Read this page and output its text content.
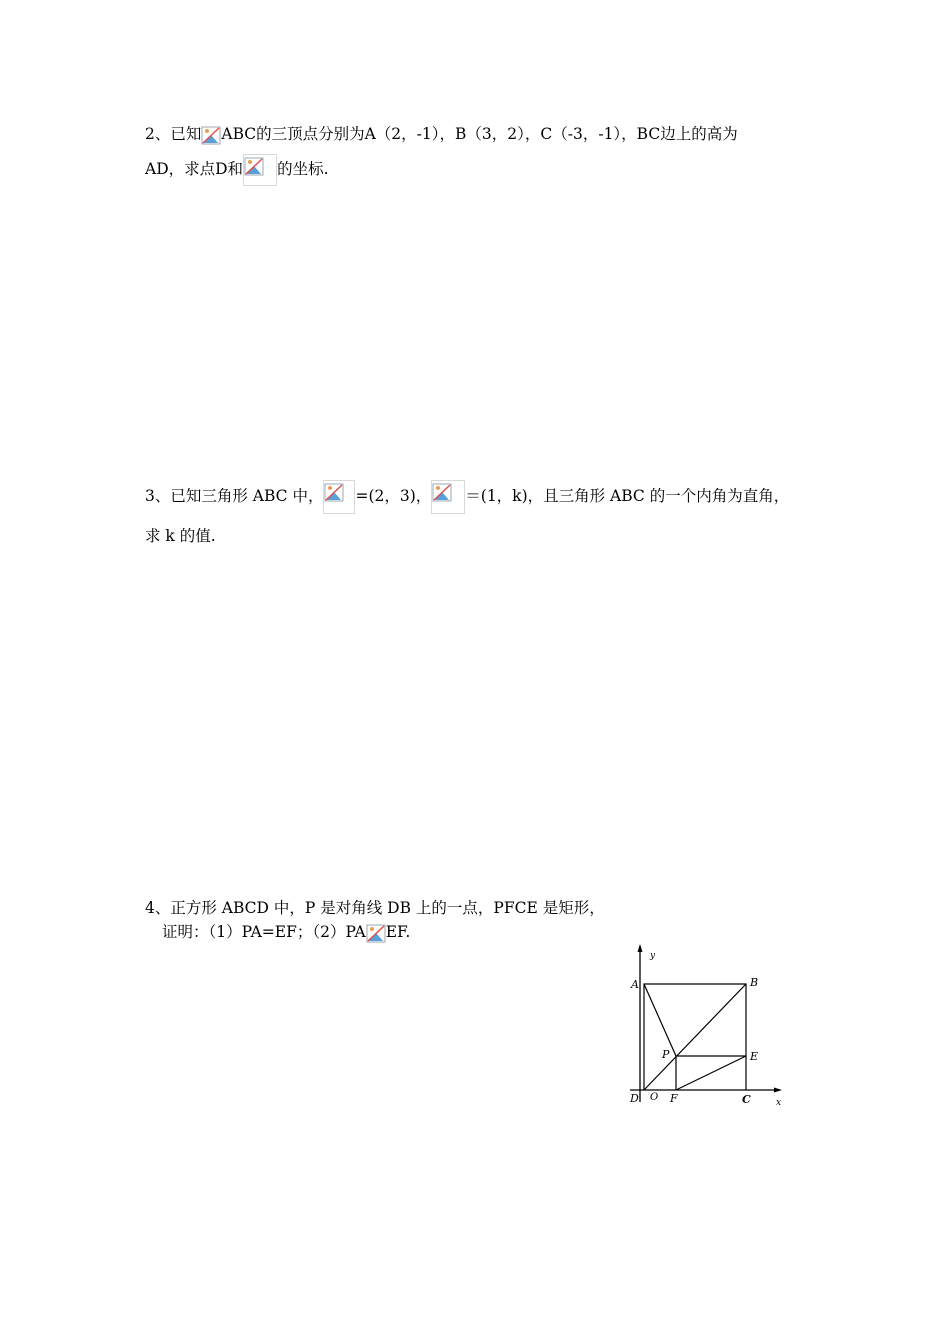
2、已知 ABC的三顶点分别为A（2，-1），B（3，2），C（-3，-1），BC边上的高为
AD，求点D和 的坐标.
3、已知三角形 ABC 中， =(2，3)， ＝(1，k)，且三角形 ABC 的一个内角为直角，
求 k 的值.
4、正方形 ABCD 中，P 是对角线 DB 上的一点，PFCE 是矩形，
证明：（1）PA=EF；（2）PA EF.
y
A	B
P	E
D O F	C	x
